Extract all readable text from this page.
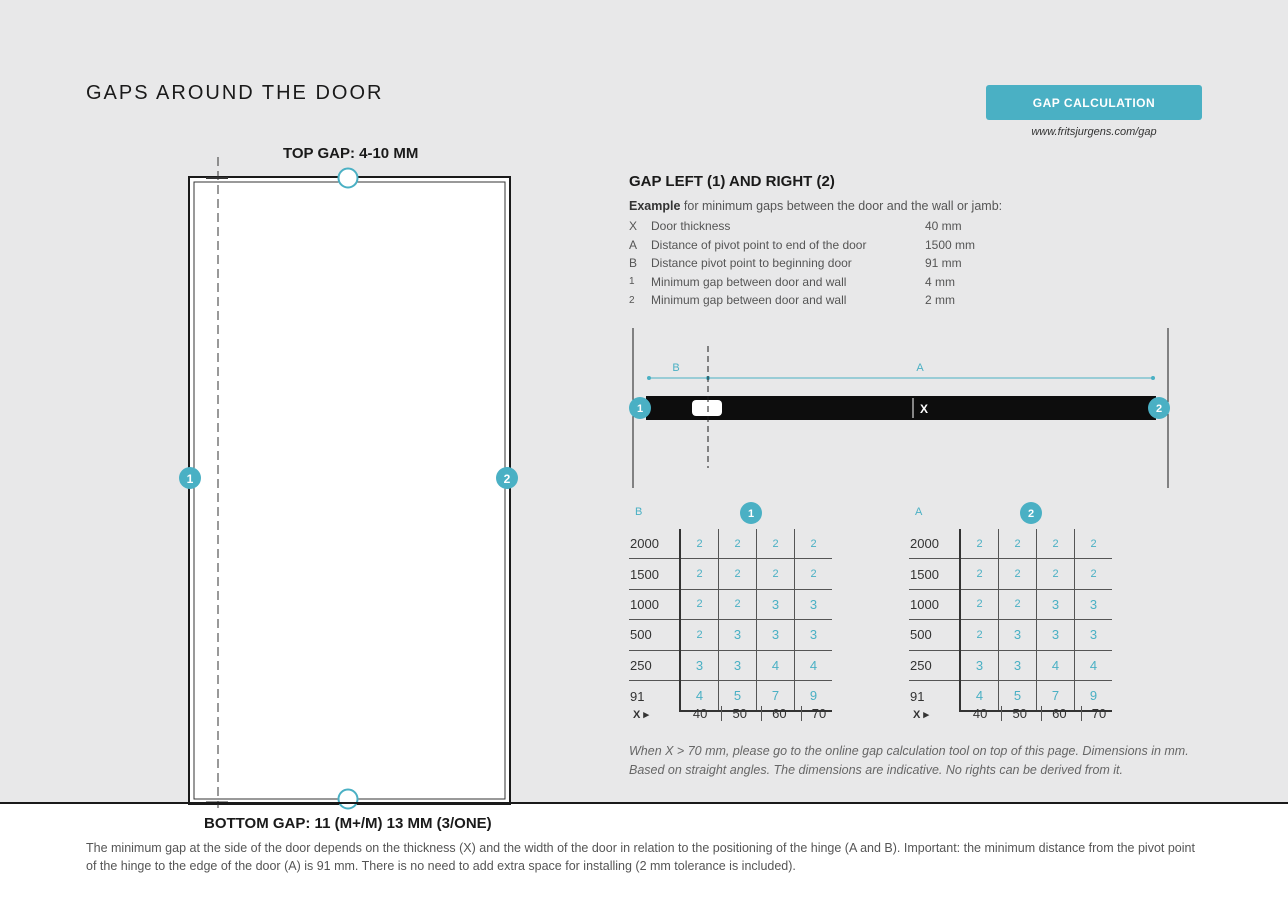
GAPS AROUND THE DOOR	GAP CALCULATION
www.fritsjurgens.com/gap
TOP GAP: 4-10 MM
1	2
BOTTOM GAP: 11 (M+/M) 13 MM (3/ONE)
GAP LEFT (1) AND RIGHT (2)
Example for minimum gaps between the door and the wall or jamb:
X	Door thickness	40 mm
A	Distance of pivot point to end of the door	1500 mm
B	Distance pivot point to beginning door	91 mm
1	Minimum gap between door and wall	4 mm
2	Minimum gap between door and wall	2 mm
B	A
X
1	2
B	1
2000	2	2	2	2
1500	2	2	2	2
1000	2	2	3	3
500	2	3	3	3
250	3	3	4	4
91	4	5	7	9
X ▸	40 50 60 70
A	2
2000	2	2	2	2
1500	2	2	2	2
1000	2	2	3	3
500	2	3	3	3
250	3	3	4	4
91	4	5	7	9
X ▸	40 50 60 70
When X > 70 mm, please go to the online gap calculation tool on top of this page. Dimensions in mm. Based on straight angles. The dimensions are indicative. No rights can be derived from it.
The minimum gap at the side of the door depends on the thickness (X) and the width of the door in relation to the positioning of the hinge (A and B). Important: the minimum distance from the pivot point of the hinge to the edge of the door (A) is 91 mm. There is no need to add extra space for installing (2 mm tolerance is included).
